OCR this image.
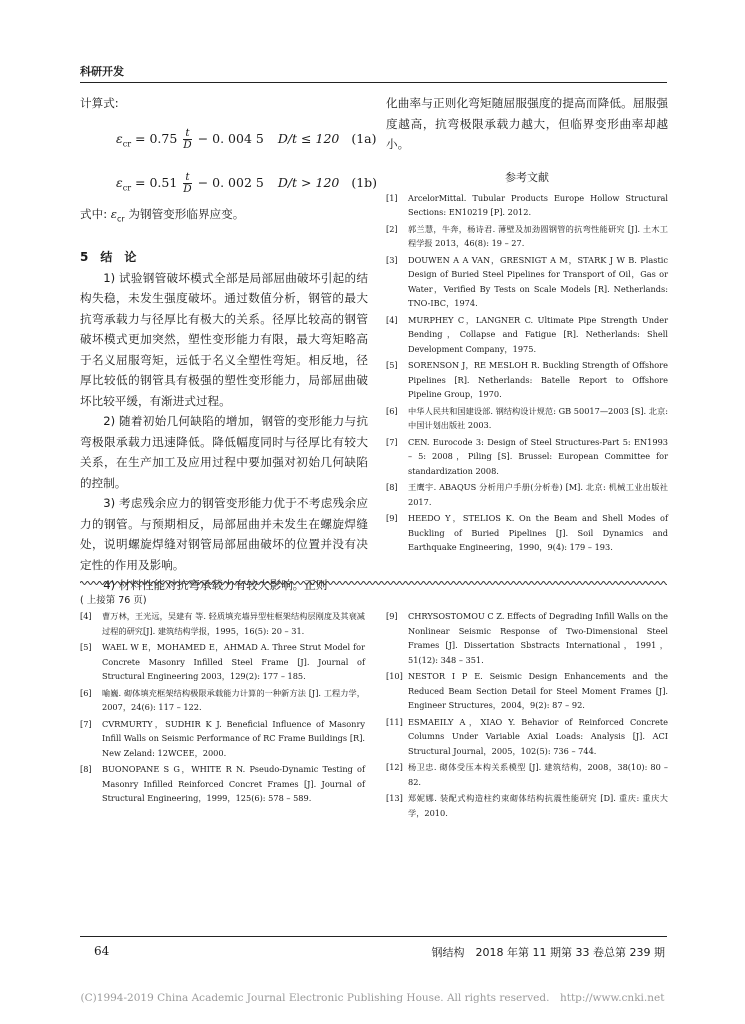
科研开发

计算式:

$\varepsilon_{cr} = 0.75 \frac{t}{D} - 0$. 004 5 D/t ≤ 120 (1a)
$\varepsilon_{cr} = 0.51 \frac{t}{D} - 0$. 002 5 D/t > 120 (1b)

式中: $\varepsilon_{cr}$ 为钢管变形临界应变。

5　结　论

1) 试验钢管破坏模式全部是局部屈曲破坏引起的结构失稳，未发生强度破坏。通过数值分析，钢管的最大抗弯承载力与径厚比有极大的关系。径厚比较高的钢管破坏模式更加突然，塑性变形能力有限，最大弯矩略高于名义屈服弯矩，远低于名义全塑性弯矩。相反地，径厚比较低的钢管具有极强的塑性变形能力，局部屈曲破坏比较平缓，有渐进式过程。

2) 随着初始几何缺陷的增加，钢管的变形能力与抗弯极限承载力迅速降低。降低幅度同时与径厚比有较大关系，在生产加工及应用过程中要加强对初始几何缺陷的控制。

3) 考虑残余应力的钢管变形能力优于不考虑残余应力的钢管。与预期相反，局部屈曲并未发生在螺旋焊缝处，说明螺旋焊缝对钢管局部屈曲破坏的位置并没有决定性的作用及影响。

4) 材料性能对抗弯承载力有较大影响。正则

化曲率与正则化弯矩随屈服强度的提高而降低。屈服强度越高，抗弯极限承载力越大，但临界变形曲率却越小。

参考文献

[1] ArcelorMittal. Tubular Products Europe Hollow Structural Sections: EN10219 [P]. 2012.
[2] 郭兰慧，牛奔，杨诗君. 薄壁及加劲圆钢管的抗弯性能研究 [J]. 土木工程学报 2013，46(8): 19 – 27.
[3] DOUWEN A A VAN，GRESNIGT A M，STARK J W B. Plastic Design of Buried Steel Pipelines for Transport of Oil，Gas or Water，Verified By Tests on Scale Models [R]. Netherlands: TNO-IBC，1974.
[4] MURPHEY C，LANGNER C. Ultimate Pipe Strength Under Bending，Collapse and Fatigue [R]. Netherlands: Shell Development Company，1975.
[5] SORENSON J，RE MESLOH R. Buckling Strength of Offshore Pipelines [R]. Netherlands: Batelle Report to Offshore Pipeline Group，1970.
[6] 中华人民共和国建设部. 钢结构设计规范: GB 50017—2003 [S]. 北京: 中国计划出版社 2003.
[7] CEN. Eurocode 3: Design of Steel Structures-Part 5: EN1993 – 5: 2008，Piling [S]. Brussel: European Committee for standardization 2008.
[8] 王鹰宇. ABAQUS 分析用户手册(分析卷) [M]. 北京: 机械工业出版社 2017.
[9] HEEDO Y，STELIOS K. On the Beam and Shell Modes of Buckling of Buried Pipelines [J]. Soil Dynamics and Earthquake Engineering，1990，9(4): 179 – 193.
( 上接第 76 页)
[4] 曹万林，王光远，吴建有 等. 轻质填充墙异型柱框架结构层刚度及其衰减过程的研究[J]. 建筑结构学报，1995，16(5): 20 – 31.
[5] WAEL W E，MOHAMED E，AHMAD A. Three Strut Model for Concrete Masonry Infilled Steel Frame [J]. Journal of Structural Engineering 2003，129(2): 177 – 185.
[6] 喻巍. 砌体填充框架结构极限承载能力计算的一种新方法 [J]. 工程力学，2007，24(6): 117 – 122.
[7] CVRMURTY，SUDHIR K J. Beneficial Influence of Masonry Infill Walls on Seismic Performance of RC Frame Buildings [R]. New Zeland: 12WCEE，2000.
[8] BUONOPANE S G，WHITE R N. Pseudo-Dynamic Testing of Masonry Infilled Reinforced Concret Frames [J]. Journal of Structural Engineering，1999，125(6): 578 – 589.
[9] CHRYSOSTOMOU C Z. Effects of Degrading Infill Walls on the Nonlinear Seismic Response of Two-Dimensional Steel Frames [J]. Dissertation Sbstracts International，1991，51(12): 348 – 351.
[10] NESTOR I P E. Seismic Design Enhancements and the Reduced Beam Section Detail for Steel Moment Frames [J]. Engineer Structures，2004，9(2): 87 – 92.
[11] ESMAEILY A，XIAO Y. Behavior of Reinforced Concrete Columns Under Variable Axial Loads: Analysis [J]. ACI Structural Journal，2005，102(5): 736 – 744.
[12] 杨卫忠. 砌体受压本构关系模型 [J]. 建筑结构，2008，38(10): 80 – 82.
[13] 郑妮娜. 装配式构造柱约束砌体结构抗震性能研究 [D]. 重庆: 重庆大学，2010.
64	钢结构　2018 年第 11 期第 33 卷总第 239 期
(C)1994-2019 China Academic Journal Electronic Publishing House. All rights reserved.　http://www.cnki.net
